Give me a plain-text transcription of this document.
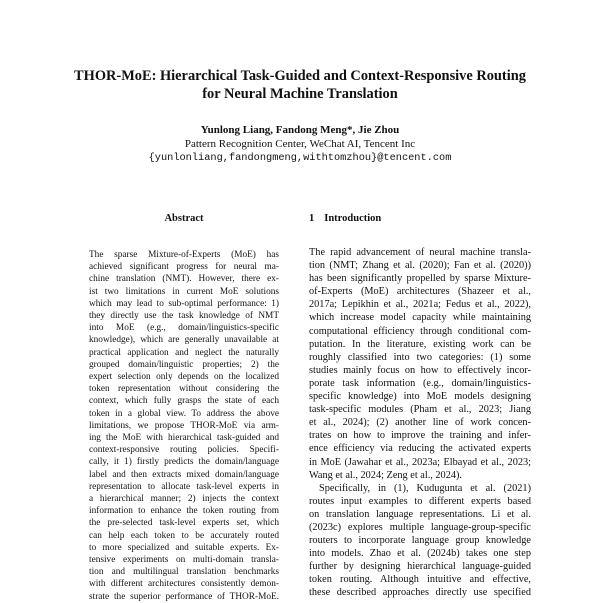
THOR-MoE: Hierarchical Task-Guided and Context-Responsive Routing
for Neural Machine Translation
Yunlong Liang, Fandong Meng*, Jie Zhou
Pattern Recognition Center, WeChat AI, Tencent Inc
{yunlonliang,fandongmeng,withtomzhou}@tencent.com
Abstract
The sparse Mixture-of-Experts (MoE) has
achieved significant progress for neural ma-
chine translation (NMT). However, there ex-
ist two limitations in current MoE solutions
which may lead to sub-optimal performance: 1)
they directly use the task knowledge of NMT
into MoE (e.g., domain/linguistics-specific
knowledge), which are generally unavailable at
practical application and neglect the naturally
grouped domain/linguistic properties; 2) the
expert selection only depends on the localized
token representation without considering the
context, which fully grasps the state of each
token in a global view. To address the above
limitations, we propose THOR-MoE via arm-
ing the MoE with hierarchical task-guided and
context-responsive routing policies. Specifi-
cally, it 1) firstly predicts the domain/language
label and then extracts mixed domain/language
representation to allocate task-level experts in
a hierarchical manner; 2) injects the context
information to enhance the token routing from
the pre-selected task-level experts set, which
can help each token to be accurately routed
to more specialized and suitable experts. Ex-
tensive experiments on multi-domain transla-
tion and multilingual translation benchmarks
with different architectures consistently demon-
strate the superior performance of THOR-MoE.
1 Introduction
The rapid advancement of neural machine transla-
tion (NMT; Zhang et al. (2020); Fan et al. (2020))
has been significantly propelled by sparse Mixture-
of-Experts (MoE) architectures (Shazeer et al.,
2017a; Lepikhin et al., 2021a; Fedus et al., 2022),
which increase model capacity while maintaining
computational efficiency through conditional com-
putation. In the literature, existing work can be
roughly classified into two categories: (1) some
studies mainly focus on how to effectively incor-
porate task information (e.g., domain/linguistics-
specific knowledge) into MoE models designing
task-specific modules (Pham et al., 2023; Jiang
et al., 2024); (2) another line of work concen-
trates on how to improve the training and infer-
ence efficiency via reducing the activated experts
in MoE (Jawahar et al., 2023a; Elbayad et al., 2023;
Wang et al., 2024; Zeng et al., 2024).
Specifically, in (1), Kudugunta et al. (2021)
routes input examples to different experts based
on translation language representations. Li et al.
(2023c) explores multiple language-group-specific
routers to incorporate language group knowledge
into models. Zhao et al. (2024b) takes one step
further by designing hierarchical language-guided
token routing. Although intuitive and effective,
these described approaches directly use specified
